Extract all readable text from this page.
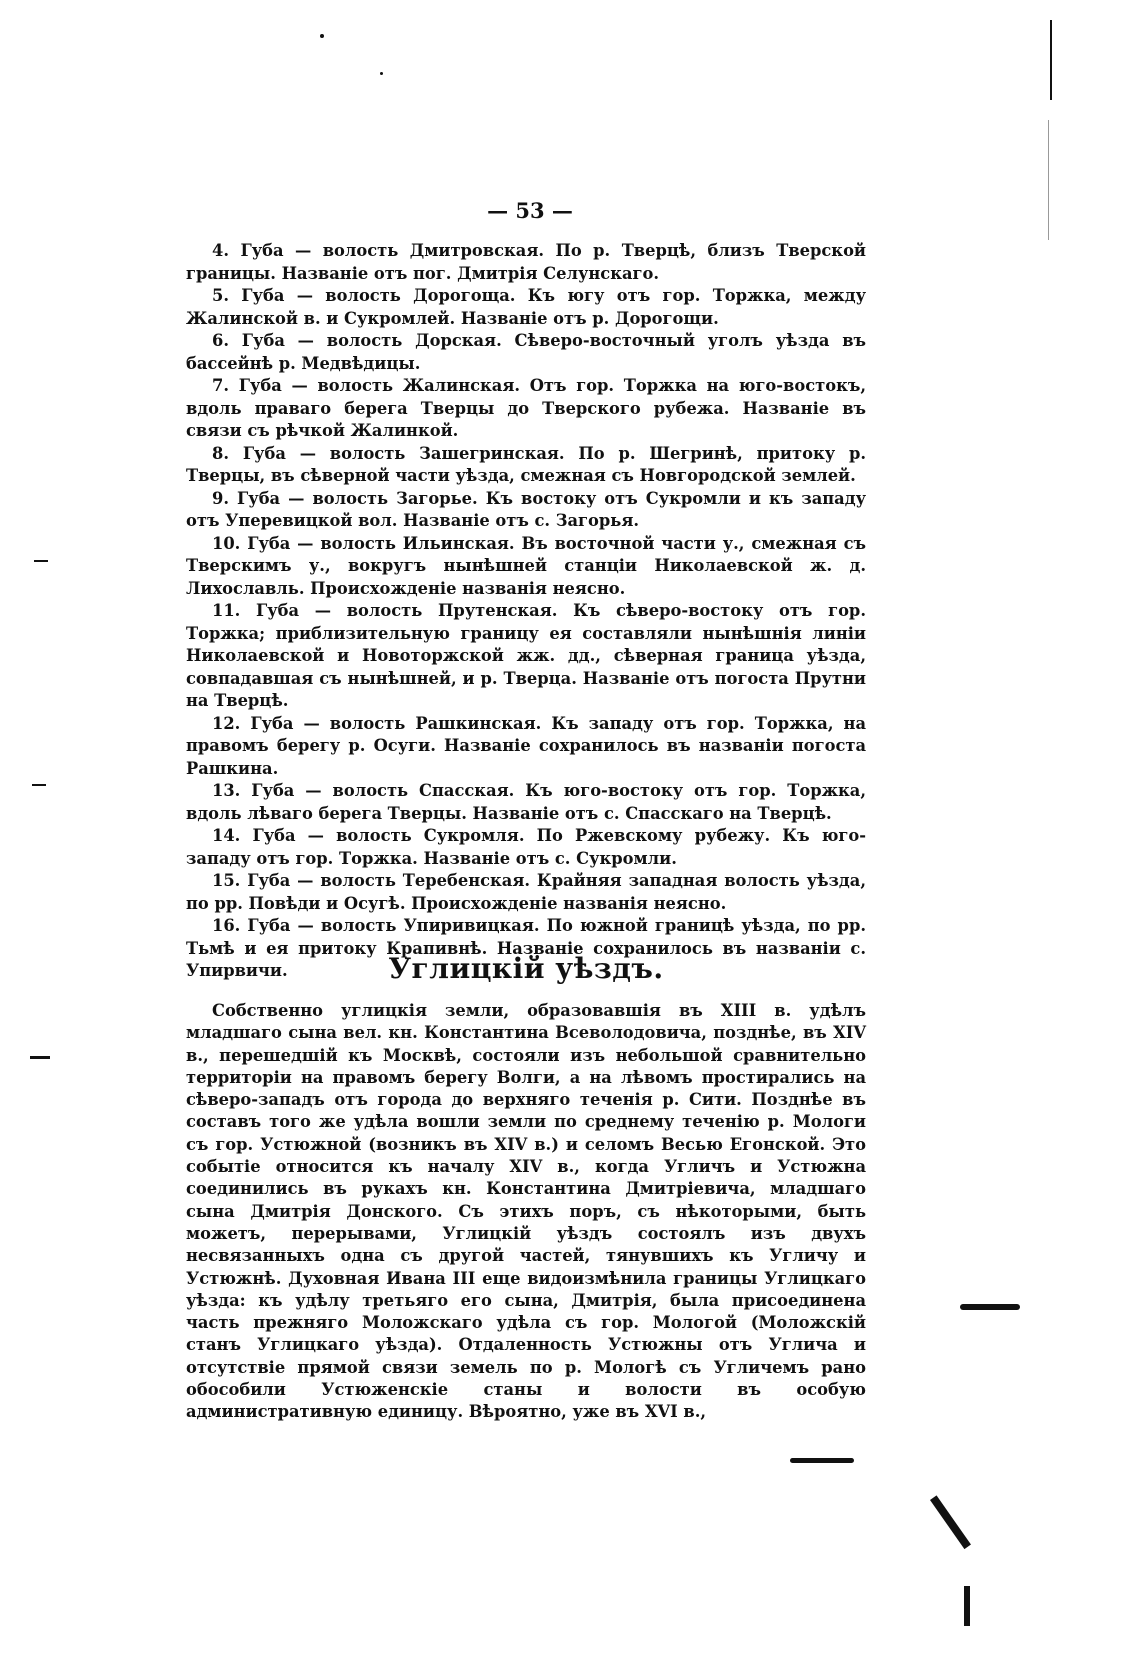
— 53 —

4. Губа — волость Дмитровская. По р. Тверцѣ, близъ Тверской границы. Названіе отъ пог. Дмитрія Селунскаго.

5. Губа — волость Дорогоща. Къ югу отъ гор. Торжка, между Жалинской в. и Сукромлей. Названіе отъ р. Дорогощи.

6. Губа — волость Дорская. Сѣверо-восточный уголъ уѣзда въ бассейнѣ р. Медвѣдицы.

7. Губа — волость Жалинская. Отъ гор. Торжка на юго-востокъ, вдоль праваго берега Тверцы до Тверского рубежа. Названіе въ связи съ рѣчкой Жалинкой.

8. Губа — волость Зашегринская. По р. Шегринѣ, притоку р. Тверцы, въ сѣверной части уѣзда, смежная съ Новгородской землей.

9. Губа — волость Загорье. Къ востоку отъ Сукромли и къ западу отъ Уперевицкой вол. Названіе отъ с. Загорья.

10. Губа — волость Ильинская. Въ восточной части у., смежная съ Тверскимъ у., вокругъ нынѣшней станціи Николаевской ж. д. Лихославль. Происхожденіе названія неясно.

11. Губа — волость Прутенская. Къ сѣверо-востоку отъ гор. Торжка; приблизительную границу ея составляли нынѣшнія линіи Николаевской и Новоторжской жж. дд., сѣверная граница уѣзда, совпадавшая съ нынѣшней, и р. Тверца. Названіе отъ погоста Прутни на Тверцѣ.

12. Губа — волость Рашкинская. Къ западу отъ гор. Торжка, на правомъ берегу р. Осуги. Названіе сохранилось въ названіи погоста Рашкина.

13. Губа — волость Спасская. Къ юго-востоку отъ гор. Торжка, вдоль лѣваго берега Тверцы. Названіе отъ с. Спасскаго на Тверцѣ.

14. Губа — волость Сукромля. По Ржевскому рубежу. Къ юго-западу отъ гор. Торжка. Названіе отъ с. Сукромли.

15. Губа — волость Теребенская. Крайняя западная волость уѣзда, по рр. Повѣди и Осугѣ. Происхожденіе названія неясно.

16. Губа — волость Упиривицкая. По южной границѣ уѣзда, по рр. Тьмѣ и ея притоку Крапивнѣ. Названіе сохранилось въ названіи с. Упирвичи.	Углицкій уѣздъ.

Собственно углицкія земли, образовавшія въ XIII в. удѣлъ младшаго сына вел. кн. Константина Всеволодовича, позднѣе, въ XIV в., перешедшій къ Москвѣ, состояли изъ небольшой сравнительно территоріи на правомъ берегу Волги, а на лѣвомъ простирались на сѣверо-западъ отъ города до верхняго теченія р. Сити. Позднѣе въ составъ того же удѣла вошли земли по среднему теченію р. Мологи съ гор. Устюжной (возникъ въ XIV в.) и селомъ Весью Егонской. Это событіе относится къ началу XIV в., когда Угличъ и Устюжна соединились въ рукахъ кн. Константина Дмитріевича, младшаго сына Дмитрія Донского. Съ этихъ поръ, съ нѣкоторыми, быть можетъ, перерывами, Углицкій уѣздъ состоялъ изъ двухъ несвязанныхъ одна съ другой частей, тянувшихъ къ Угличу и Устюжнѣ. Духовная Ивана III еще видоизмѣнила границы Углицкаго уѣзда: къ удѣлу третьяго его сына, Дмитрія, была присоединена часть прежняго Моложскаго удѣла съ гор. Мологой (Моложскій станъ Углицкаго уѣзда). Отдаленность Устюжны отъ Углича и отсутствіе прямой связи земель по р. Мологѣ съ Угличемъ рано обособили Устюженскіе станы и волости въ особую административную единицу. Вѣроятно, уже въ XVI в.,
